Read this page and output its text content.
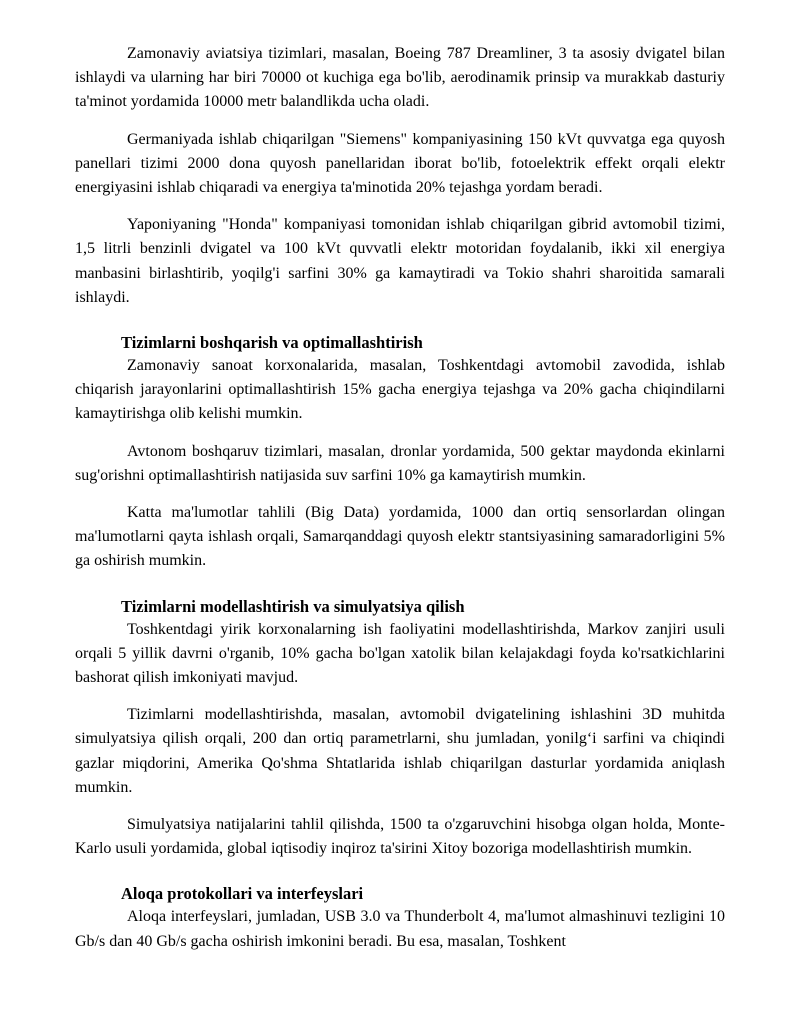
Zamonaviy aviatsiya tizimlari, masalan, Boeing 787 Dreamliner, 3 ta asosiy dvigatel bilan ishlaydi va ularning har biri 70000 ot kuchiga ega bo'lib, aerodinamik prinsip va murakkab dasturiy ta'minot yordamida 10000 metr balandlikda ucha oladi.

Germaniyada ishlab chiqarilgan "Siemens" kompaniyasining 150 kVt quvvatga ega quyosh panellari tizimi 2000 dona quyosh panellaridan iborat bo'lib, fotoelektrik effekt orqali elektr energiyasini ishlab chiqaradi va energiya ta'minotida 20% tejashga yordam beradi.

Yaponiyaning "Honda" kompaniyasi tomonidan ishlab chiqarilgan gibrid avtomobil tizimi, 1,5 litrli benzinli dvigatel va 100 kVt quvvatli elektr motoridan foydalanib, ikki xil energiya manbasini birlashtirib, yoqilg'i sarfini 30% ga kamaytiradi va Tokio shahri sharoitida samarali ishlaydi.

Tizimlarni boshqarish va optimallashtirish

Zamonaviy sanoat korxonalarida, masalan, Toshkentdagi avtomobil zavodida, ishlab chiqarish jarayonlarini optimallashtirish 15% gacha energiya tejashga va 20% gacha chiqindilarni kamaytirishga olib kelishi mumkin.

Avtonom boshqaruv tizimlari, masalan, dronlar yordamida, 500 gektar maydonda ekinlarni sug'orishni optimallashtirish natijasida suv sarfini 10% ga kamaytirish mumkin.

Katta ma'lumotlar tahlili (Big Data) yordamida, 1000 dan ortiq sensorlardan olingan ma'lumotlarni qayta ishlash orqali, Samarqanddagi quyosh elektr stantsiyasining samaradorligini 5% ga oshirish mumkin.

Tizimlarni modellashtirish va simulyatsiya qilish

Toshkentdagi yirik korxonalarning ish faoliyatini modellashtirishda, Markov zanjiri usuli orqali 5 yillik davrni o'rganib, 10% gacha bo'lgan xatolik bilan kelajakdagi foyda ko'rsatkichlarini bashorat qilish imkoniyati mavjud.

Tizimlarni modellashtirishda, masalan, avtomobil dvigatelining ishlashini 3D muhitda simulyatsiya qilish orqali, 200 dan ortiq parametrlarni, shu jumladan, yonilg‘i sarfini va chiqindi gazlar miqdorini, Amerika Qo'shma Shtatlarida ishlab chiqarilgan dasturlar yordamida aniqlash mumkin.

Simulyatsiya natijalarini tahlil qilishda, 1500 ta o'zgaruvchini hisobga olgan holda, Monte-Karlo usuli yordamida, global iqtisodiy inqiroz ta'sirini Xitoy bozoriga modellashtirish mumkin.

Aloqa protokollari va interfeyslari

Aloqa interfeyslari, jumladan, USB 3.0 va Thunderbolt 4, ma'lumot almashinuvi tezligini 10 Gb/s dan 40 Gb/s gacha oshirish imkonini beradi. Bu esa, masalan, Toshkent
